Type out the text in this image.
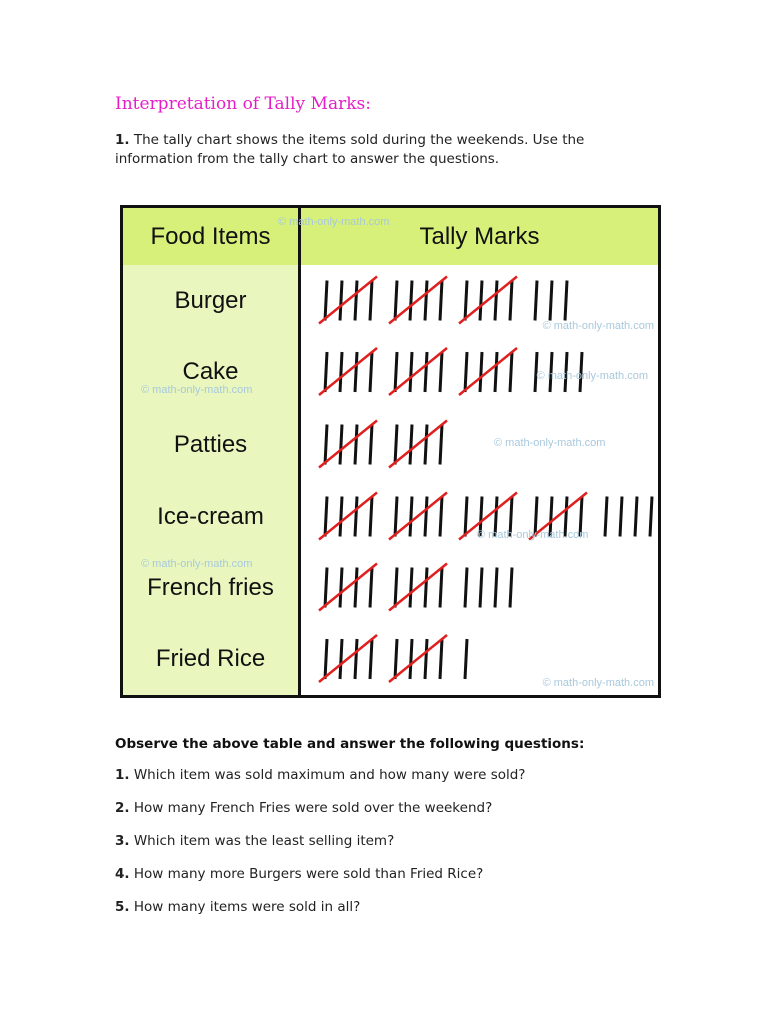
Interpretation of Tally Marks:
1. The tally chart shows the items sold during the weekends. Use the information from the tally chart to answer the questions.
Food Items	Tally Marks
© math-only-math.com
Burger
© math-only-math.com
Cake
© math-only-math.com
© math-only-math.com
Patties	© math-only-math.com
Ice-cream
© math-only-math.com
French fries
© math-only-math.com
Fried Rice
© math-only-math.com
Observe the above table and answer the following questions:
1. Which item was sold maximum and how many were sold?
2. How many French Fries were sold over the weekend?
3. Which item was the least selling item?
4. How many more Burgers were sold than Fried Rice?
5. How many items were sold in all?
